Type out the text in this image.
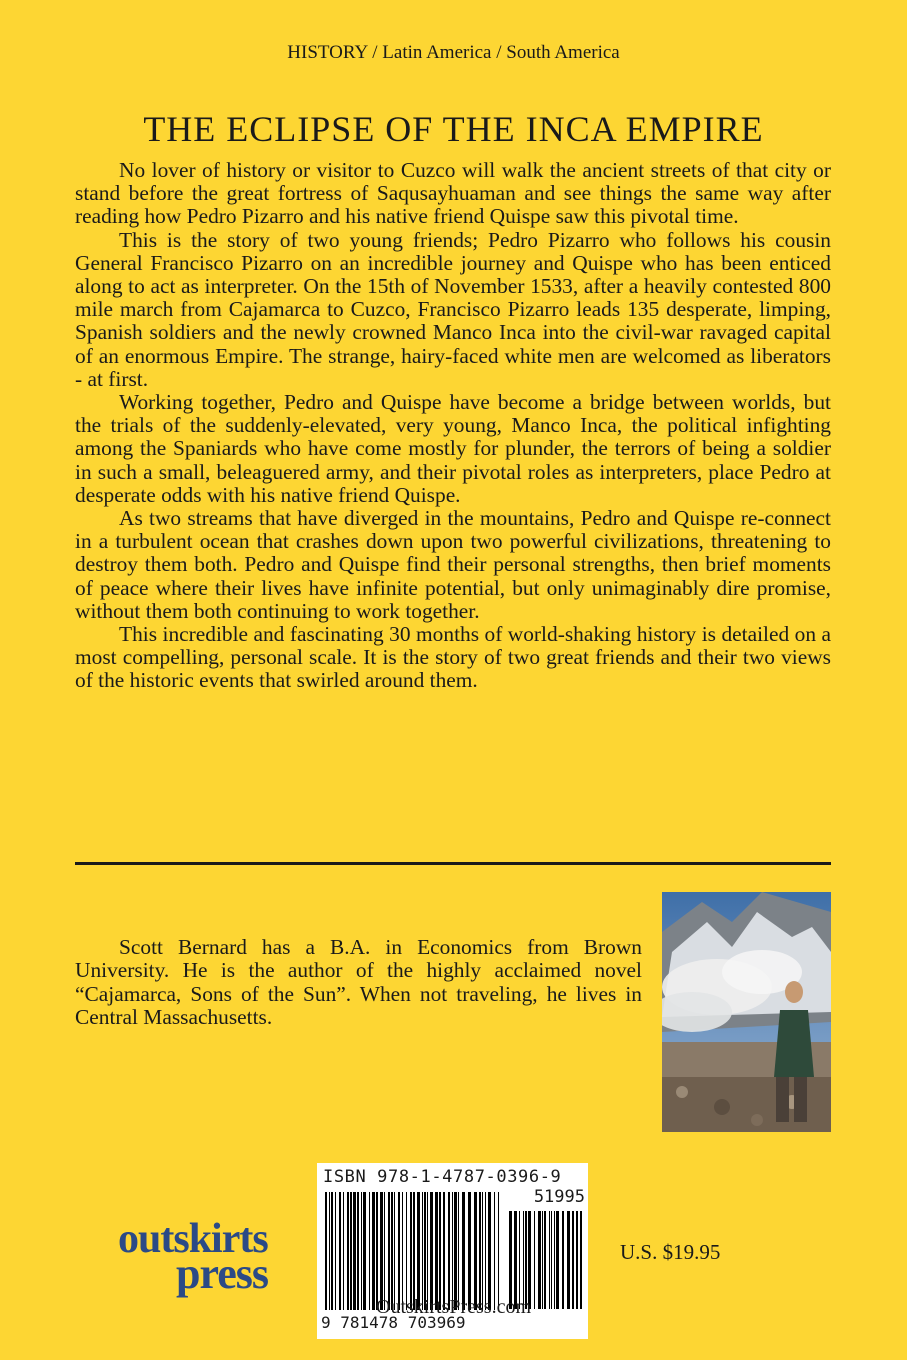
HISTORY / Latin America / South America
THE ECLIPSE OF THE INCA EMPIRE

No lover of history or visitor to Cuzco will walk the ancient streets of that city or stand before the great fortress of Saqusayhuaman and see things the same way after reading how Pedro Pizarro and his native friend Quispe saw this pivotal time.

This is the story of two young friends; Pedro Pizarro who follows his cousin General Francisco Pizarro on an incredible journey and Quispe who has been enticed along to act as interpreter. On the 15th of November 1533, after a heavily contested 800 mile march from Cajamarca to Cuzco, Francisco Pizarro leads 135 desperate, limping, Spanish soldiers and the newly crowned Manco Inca into the civil-war ravaged capital of an enormous Empire. The strange, hairy-faced white men are welcomed as liberators - at first.

Working together, Pedro and Quispe have become a bridge between worlds, but the trials of the suddenly-elevated, very young, Manco Inca, the political infighting among the Spaniards who have come mostly for plunder, the terrors of being a soldier in such a small, beleaguered army, and their pivotal roles as interpreters, place Pedro at desperate odds with his native friend Quispe.

As two streams that have diverged in the mountains, Pedro and Quispe re-connect in a turbulent ocean that crashes down upon two powerful civilizations, threatening to destroy them both. Pedro and Quispe find their personal strengths, then brief moments of peace where their lives have infinite potential, but only unimaginably dire promise, without them both continuing to work together.

This incredible and fascinating 30 months of world-shaking history is detailed on a most compelling, personal scale. It is the story of two great friends and their two views of the historic events that swirled around them.

Scott Bernard has a B.A. in Economics from Brown University. He is the author of the highly acclaimed novel “Cajamarca, Sons of the Sun”. When not traveling, he lives in Central Massachusetts.

ISBN 978-1-4787-0396-9
51995
9 781478 703969
outskirts
press	U.S. $19.95
OutskirtsPress.com
